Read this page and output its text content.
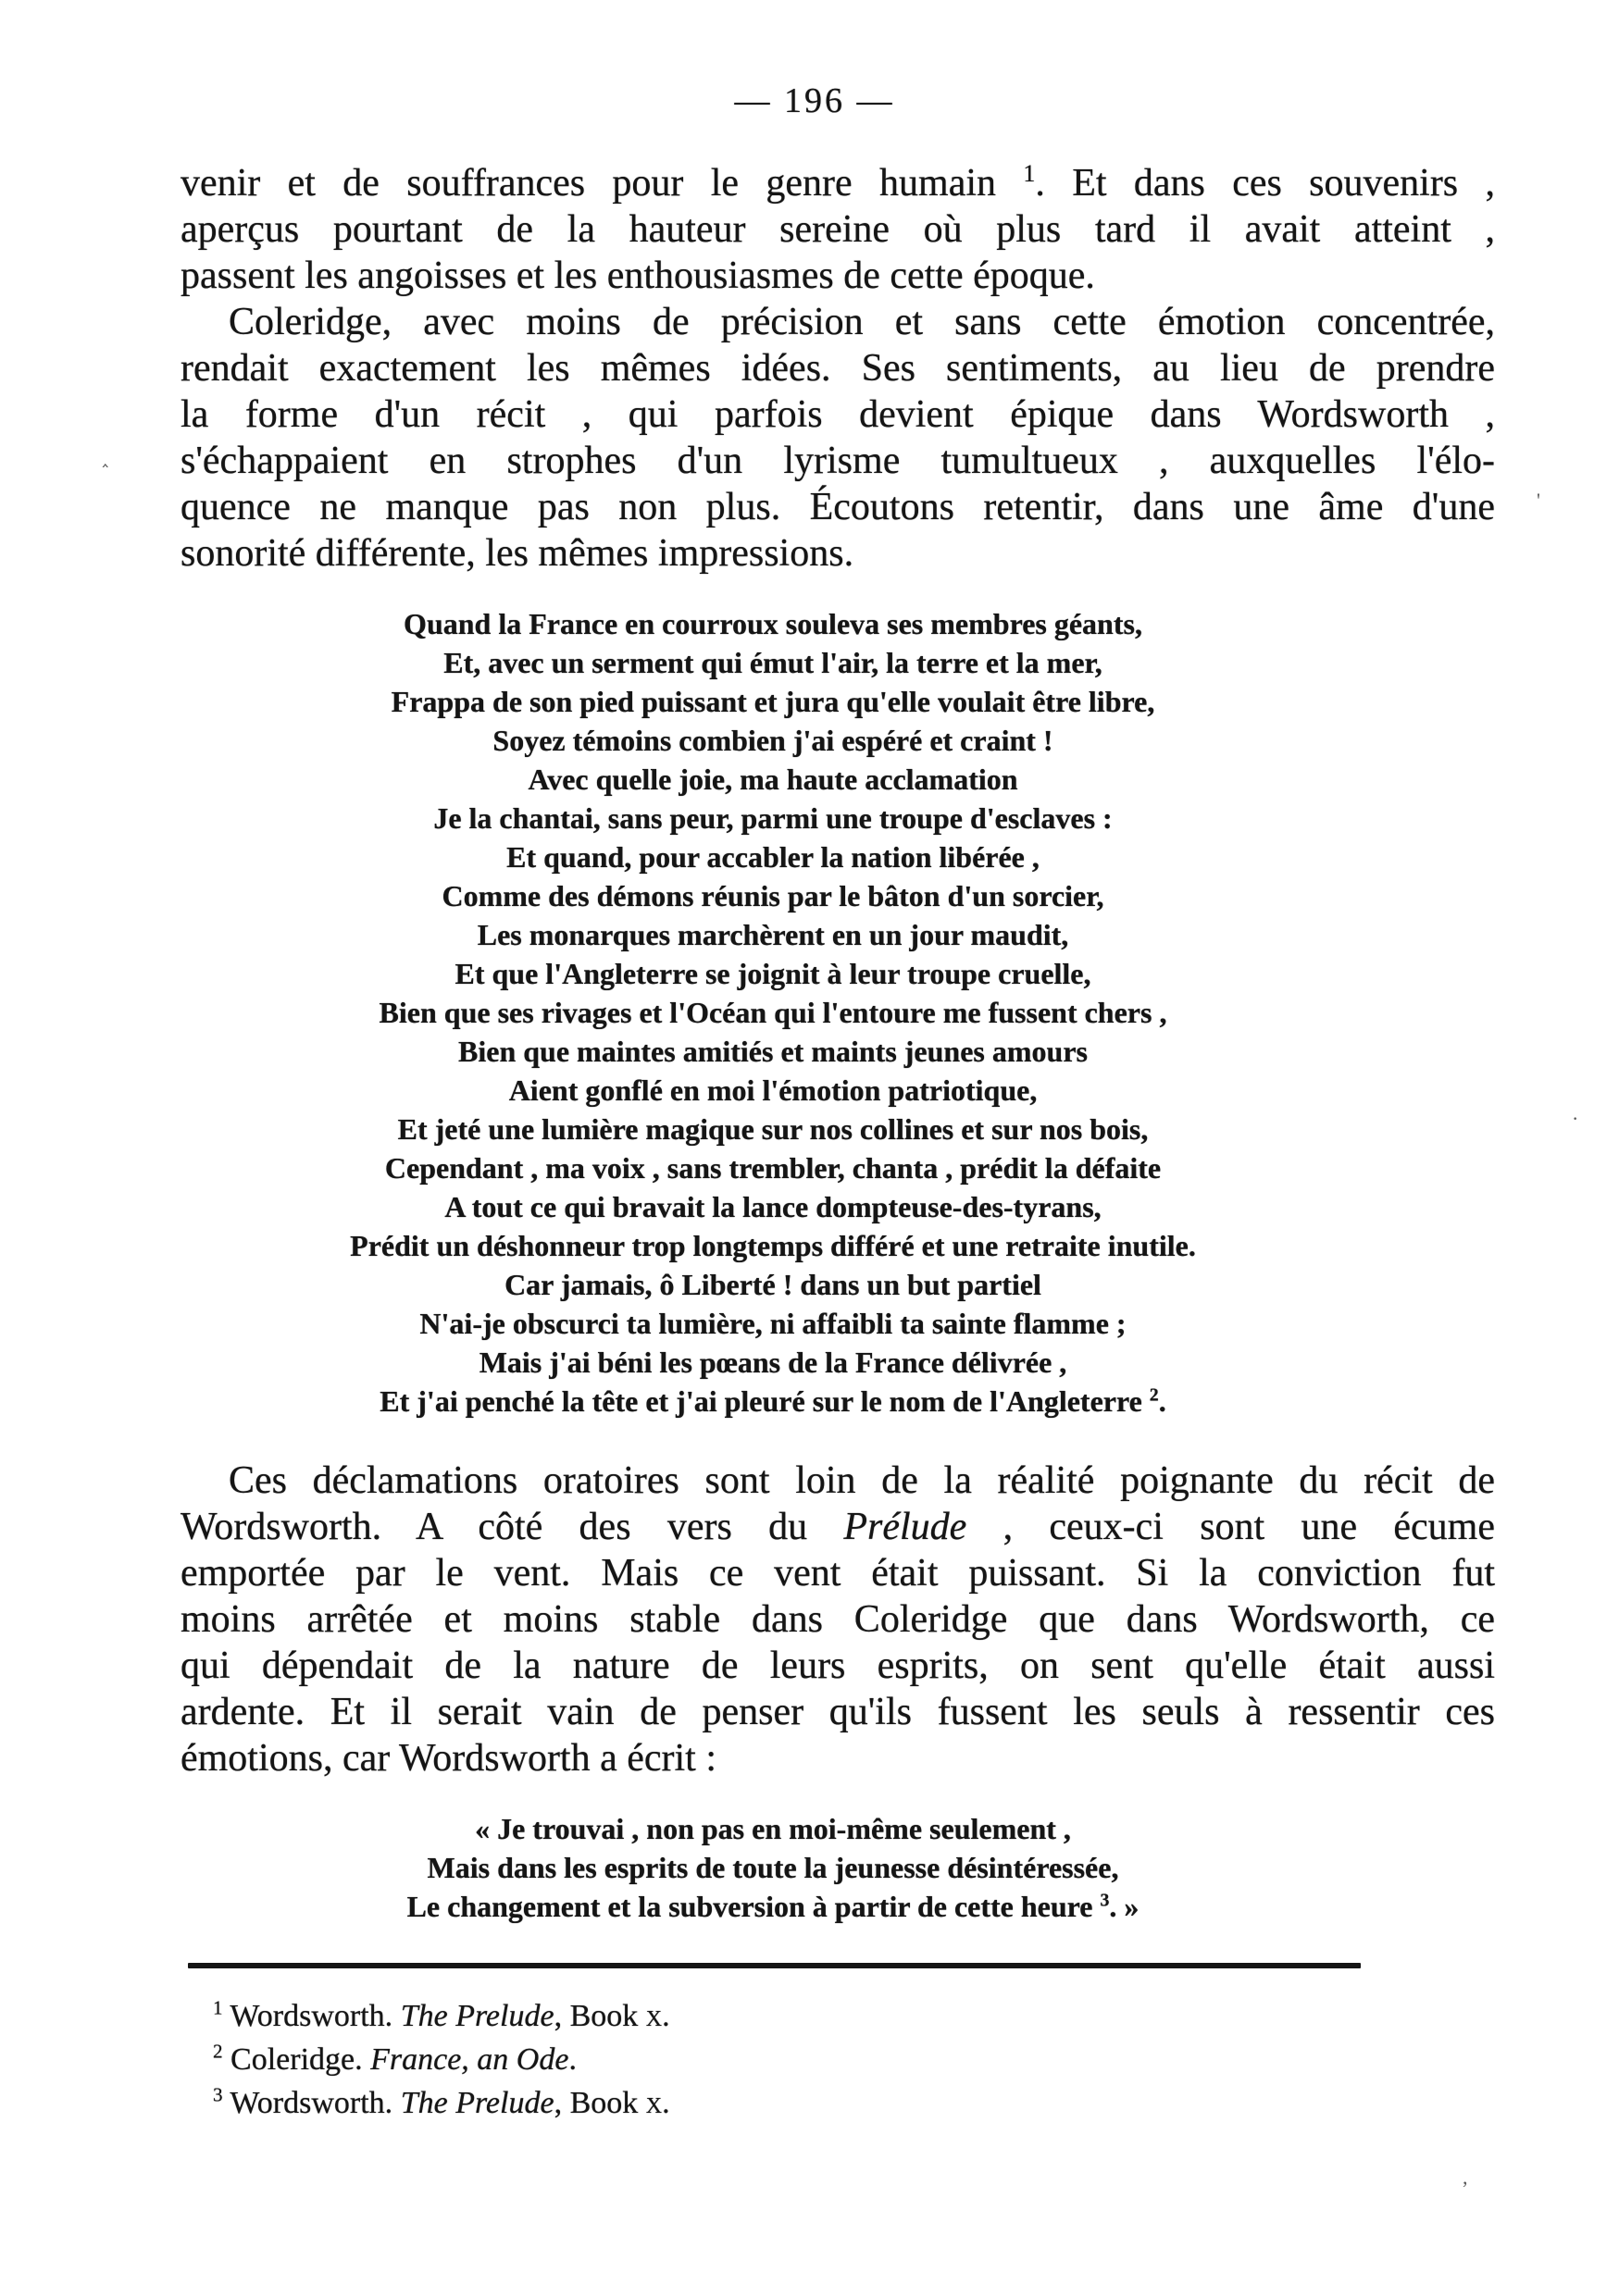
— 196 —
venir et de souffrances pour le genre humain $^1$. Et dans ces souvenirs ,
aperçus pourtant de la hauteur sereine où plus tard il avait atteint ,
passent les angoisses et les enthousiasmes de cette époque.
Coleridge, avec moins de précision et sans cette émotion concentrée,
rendait exactement les mêmes idées. Ses sentiments, au lieu de prendre
la forme d'un récit , qui parfois devient épique dans Wordsworth ,
s'échappaient en strophes d'un lyrisme tumultueux , auxquelles l'élo-
quence ne manque pas non plus. Écoutons retentir, dans une âme d'une
sonorité différente, les mêmes impressions.
Quand la France en courroux souleva ses membres géants,
Et, avec un serment qui émut l'air, la terre et la mer,
Frappa de son pied puissant et jura qu'elle voulait être libre,
Soyez témoins combien j'ai espéré et craint !
Avec quelle joie, ma haute acclamation
Je la chantai, sans peur, parmi une troupe d'esclaves :
Et quand, pour accabler la nation libérée ,
Comme des démons réunis par le bâton d'un sorcier,
Les monarques marchèrent en un jour maudit,
Et que l'Angleterre se joignit à leur troupe cruelle,
Bien que ses rivages et l'Océan qui l'entoure me fussent chers ,
Bien que maintes amitiés et maints jeunes amours
Aient gonflé en moi l'émotion patriotique,
Et jeté une lumière magique sur nos collines et sur nos bois,
Cependant , ma voix , sans trembler, chanta , prédit la défaite
A tout ce qui bravait la lance dompteuse-des-tyrans,
Prédit un déshonneur trop longtemps différé et une retraite inutile.
Car jamais, ô Liberté ! dans un but partiel
N'ai-je obscurci ta lumière, ni affaibli ta sainte flamme ;
Mais j'ai béni les pœans de la France délivrée ,
Et j'ai penché la tête et j'ai pleuré sur le nom de l'Angleterre $^2$.
Ces déclamations oratoires sont loin de la réalité poignante du récit de
Wordsworth. A côté des vers du Prélude , ceux-ci sont une écume
emportée par le vent. Mais ce vent était puissant. Si la conviction fut
moins arrêtée et moins stable dans Coleridge que dans Wordsworth, ce
qui dépendait de la nature de leurs esprits, on sent qu'elle était aussi
ardente. Et il serait vain de penser qu'ils fussent les seuls à ressentir ces
émotions, car Wordsworth a écrit :
« Je trouvai , non pas en moi-même seulement ,
Mais dans les esprits de toute la jeunesse désintéressée,
Le changement et la subversion à partir de cette heure $^3$. »
$^1$ Wordsworth. The Prelude, Book x.
$^2$ Coleridge. France, an Ode.
$^3$ Wordsworth. The Prelude, Book x.
‸
'
·
,
